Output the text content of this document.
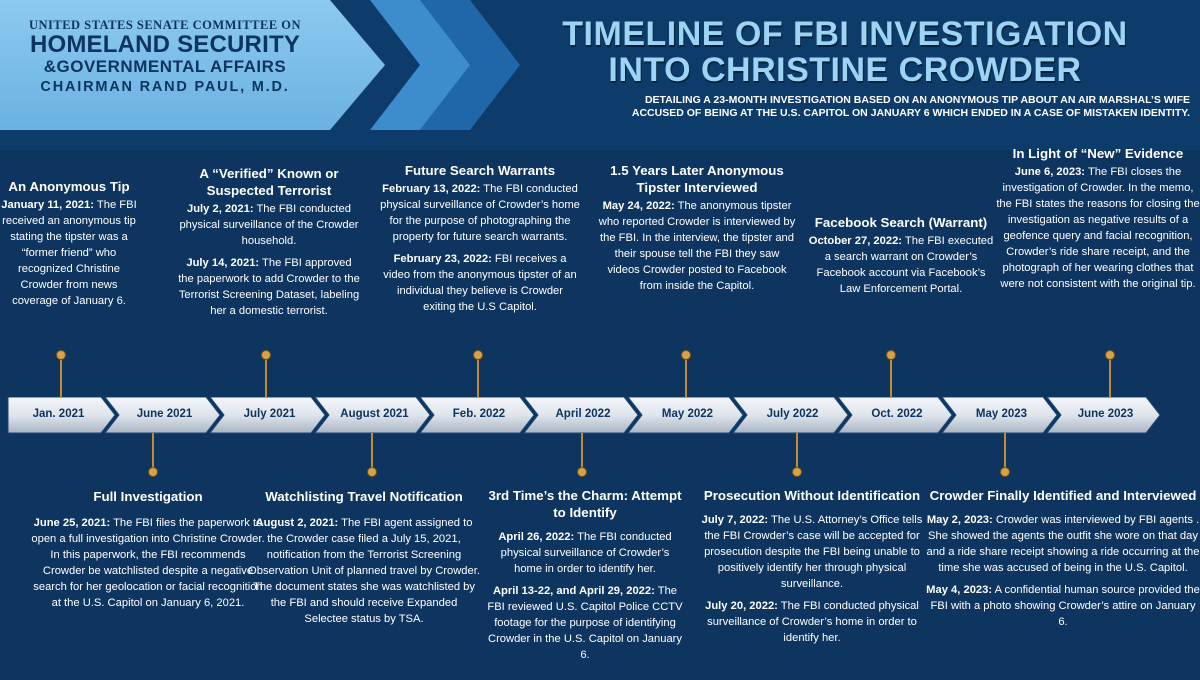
UNITED STATES SENATE COMMITTEE ON
HOMELAND SECURITY
&GOVERNMENTAL AFFAIRS
CHAIRMAN RAND PAUL, M.D.
TIMELINE OF FBI INVESTIGATION
INTO CHRISTINE CROWDER
DETAILING A 23-MONTH INVESTIGATION BASED ON AN ANONYMOUS TIP ABOUT AN AIR MARSHAL’S WIFE
ACCUSED OF BEING AT THE U.S. CAPITOL ON JANUARY 6 WHICH ENDED IN A CASE OF MISTAKEN IDENTITY.
Jan. 2021	June 2021	July 2021	August 2021	Feb. 2022	April 2022	May 2022	July 2022	Oct. 2022	May 2023	June 2023
An Anonymous Tip

January 11, 2021: The FBI received an anonymous tip stating the tipster was a “former friend” who recognized Christine Crowder from news coverage of January 6.

Full Investigation

June 25, 2021: The FBI files the paperwork to open a full investigation into Christine Crowder. In this paperwork, the FBI recommends Crowder be watchlisted despite a negative search for her geolocation or facial recognition at the U.S. Capitol on January 6, 2021.

A “Verified” Known or Suspected Terrorist

July 2, 2021: The FBI conducted physical surveillance of the Crowder household.

July 14, 2021: The FBI approved the paperwork to add Crowder to the Terrorist Screening Dataset, labeling her a domestic terrorist.

Watchlisting Travel Notification

August 2, 2021: The FBI agent assigned to the Crowder case filed a July 15, 2021, notification from the Terrorist Screening Observation Unit of planned travel by Crowder. The document states she was watchlisted by the FBI and should receive Expanded Selectee status by TSA.

Future Search Warrants

February 13, 2022: The FBI conducted physical surveillance of Crowder’s home for the purpose of photographing the property for future search warrants.

February 23, 2022: FBI receives a video from the anonymous tipster of an individual they believe is Crowder exiting the U.S Capitol.

3rd Time’s the Charm: Attempt to Identify

April 26, 2022: The FBI conducted physical surveillance of Crowder’s home in order to identify her.

April 13-22, and April 29, 2022: The FBI reviewed U.S. Capitol Police CCTV footage for the purpose of identifying Crowder in the U.S. Capitol on January 6.

1.5 Years Later Anonymous Tipster Interviewed

May 24, 2022: The anonymous tipster who reported Crowder is interviewed by the FBI. In the interview, the tipster and their spouse tell the FBI they saw videos Crowder posted to Facebook from inside the Capitol.

Prosecution Without Identification

July 7, 2022: The U.S. Attorney’s Office tells the FBI Crowder’s case will be accepted for prosecution despite the FBI being unable to positively identify her through physical surveillance.

July 20, 2022: The FBI conducted physical surveillance of Crowder’s home in order to identify her.

Facebook Search (Warrant)

October 27, 2022: The FBI executed a search warrant on Crowder’s Facebook account via Facebook’s Law Enforcement Portal.

Crowder Finally Identified and Interviewed

May 2, 2023: Crowder was interviewed by FBI agents . She showed the agents the outfit she wore on that day and a ride share receipt showing a ride occurring at the time she was accused of being in the U.S. Capitol.

May 4, 2023: A confidential human source provided the FBI with a photo showing Crowder’s attire on January 6.

In Light of “New” Evidence

June 6, 2023: The FBI closes the investigation of Crowder. In the memo, the FBI states the reasons for closing the investigation as negative results of a geofence query and facial recognition, Crowder’s ride share receipt, and the photograph of her wearing clothes that were not consistent with the original tip.
